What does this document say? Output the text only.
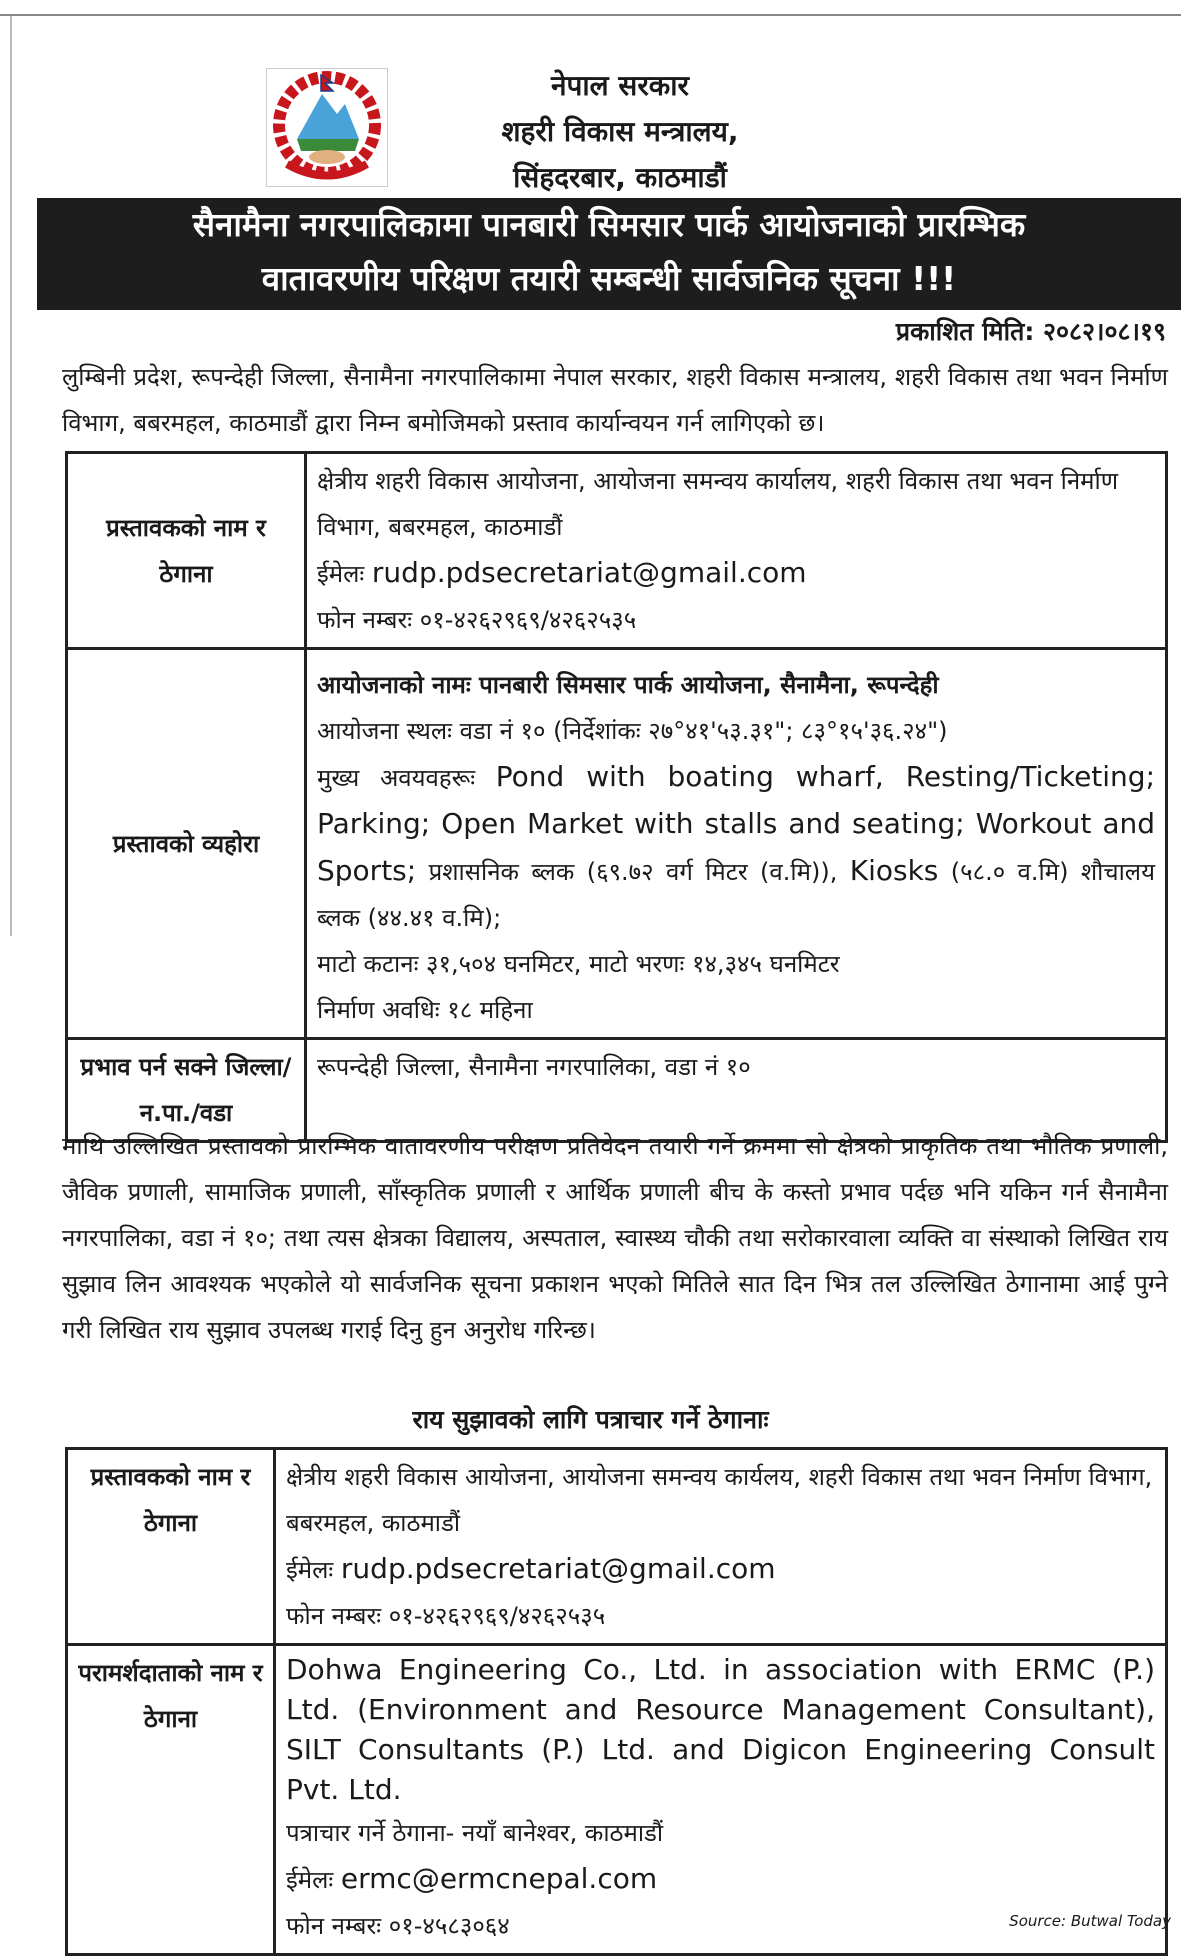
नेपाल सरकार
शहरी विकास मन्त्रालय,
सिंहदरबार, काठमाडौं
सैनामैना नगरपालिकामा पानबारी सिमसार पार्क आयोजनाको प्रारम्भिक
वातावरणीय परिक्षण तयारी सम्बन्धी सार्वजनिक सूचना !!!
प्रकाशित मिति: २०८२।०८।१९
लुम्बिनी प्रदेश, रूपन्देही जिल्ला, सैनामैना नगरपालिकामा नेपाल सरकार, शहरी विकास मन्त्रालय, शहरी विकास तथा भवन निर्माण विभाग, बबरमहल, काठमाडौं द्वारा निम्न बमोजिमको प्रस्ताव कार्यान्वयन गर्न लागिएको छ।
प्रस्तावकको नाम र ठेगाना	क्षेत्रीय शहरी विकास आयोजना, आयोजना समन्वय कार्यालय, शहरी विकास तथा भवन निर्माण विभाग, बबरमहल, काठमाडौं
ईमेलः rudp.pdsecretariat@gmail.com
फोन नम्बरः ०१-४२६२९६९/४२६२५३५

प्रस्तावको व्यहोरा	आयोजनाको नामः पानबारी सिमसार पार्क आयोजना, सैनामैना, रूपन्देही
आयोजना स्थलः वडा नं १० (निर्देशांकः २७°४१'५३.३१"; ८३°१५'३६.२४")
मुख्य अवयवहरूः Pond with boating wharf, Resting/Ticketing; Parking; Open Market with stalls and seating; Workout and Sports; प्रशासनिक ब्लक (६९.७२ वर्ग मिटर (व.मि)), Kiosks (५८.० व.मि) शौचालय ब्लक (४४.४१ व.मि);
माटो कटानः ३१,५०४ घनमिटर, माटो भरणः १४,३४५ घनमिटर
निर्माण अवधिः १८ महिना

प्रभाव पर्न सक्ने जिल्ला/न.पा./वडा	रूपन्देही जिल्ला, सैनामैना नगरपालिका, वडा नं १०
माथि उल्लिखित प्रस्तावको प्रारम्भिक वातावरणीय परीक्षण प्रतिवेदन तयारी गर्ने क्रममा सो क्षेत्रको प्राकृतिक तथा भौतिक प्रणाली, जैविक प्रणाली, सामाजिक प्रणाली, साँस्कृतिक प्रणाली र आर्थिक प्रणाली बीच के कस्तो प्रभाव पर्दछ भनि यकिन गर्न सैनामैना नगरपालिका, वडा नं १०; तथा त्यस क्षेत्रका विद्यालय, अस्पताल, स्वास्थ्य चौकी तथा सरोकारवाला व्यक्ति वा संस्थाको लिखित राय सुझाव लिन आवश्यक भएकोले यो सार्वजनिक सूचना प्रकाशन भएको मितिले सात दिन भित्र तल उल्लिखित ठेगानामा आई पुग्ने गरी लिखित राय सुझाव उपलब्ध गराई दिनु हुन अनुरोध गरिन्छ।
राय सुझावको लागि पत्राचार गर्ने ठेगानाः
प्रस्तावकको नाम र ठेगाना	क्षेत्रीय शहरी विकास आयोजना, आयोजना समन्वय कार्यलय, शहरी विकास तथा भवन निर्माण विभाग, बबरमहल, काठमाडौं
ईमेलः rudp.pdsecretariat@gmail.com
फोन नम्बरः ०१-४२६२९६९/४२६२५३५

परामर्शदाताको नाम र ठेगाना	Dohwa Engineering Co., Ltd. in association with ERMC (P.) Ltd. (Environment and Resource Management Consultant), SILT Consultants (P.) Ltd. and Digicon Engineering Consult Pvt. Ltd.
पत्राचार गर्ने ठेगाना- नयाँ बानेश्वर, काठमाडौं
ईमेलः ermc@ermcnepal.com
फोन नम्बरः ०१-४५८३०६४	Source: Butwal Today
